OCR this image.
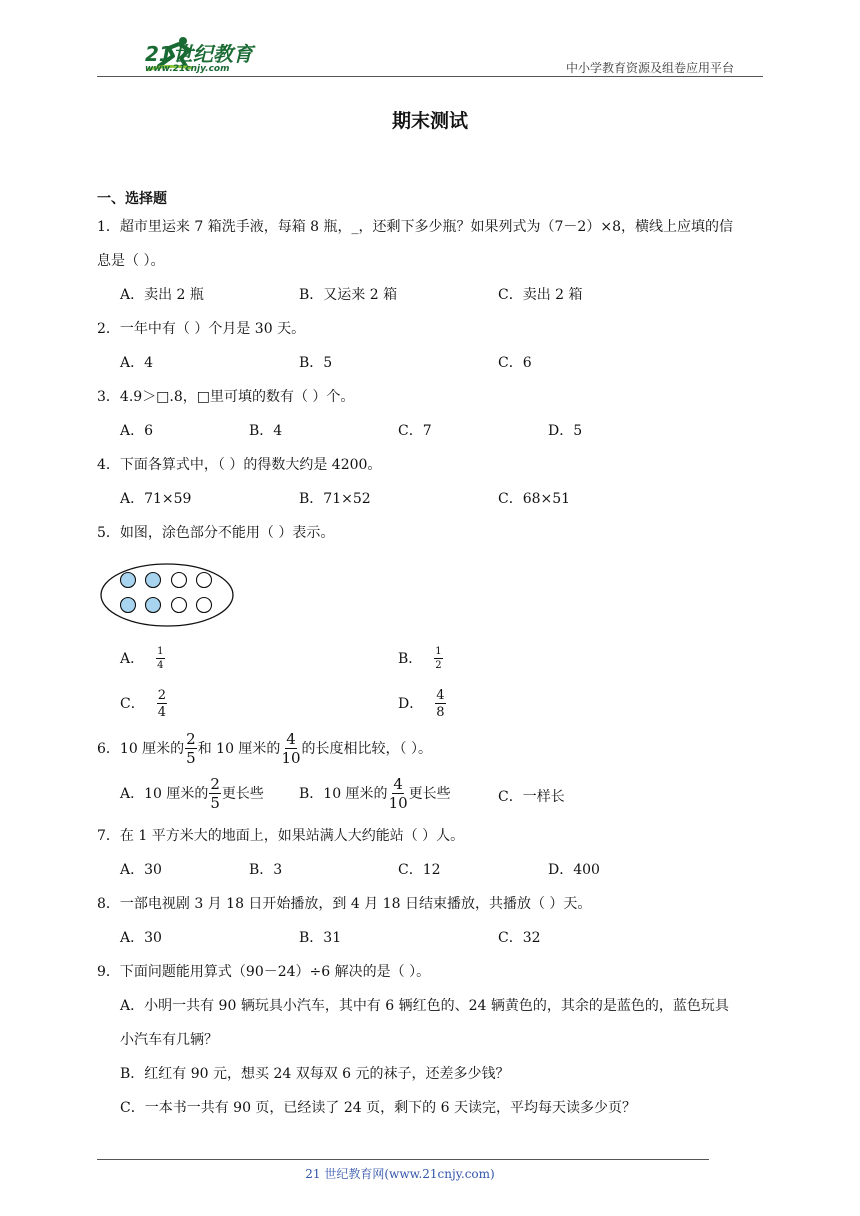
21世纪教育
www.21cnjy.com	中小学教育资源及组卷应用平台
期末测试
一、选择题
1．超市里运来 7 箱洗手液，每箱 8 瓶，_，还剩下多少瓶？如果列式为（7－2）×8，横线上应填的信
息是（ ）。
A．卖出 2 瓶	B．又运来 2 箱	C．卖出 2 箱
2．一年中有（ ）个月是 30 天。
A．4	B．5	C．6
3．4.9＞□.8，□里可填的数有（ ）个。
A．6	B．4	C．7	D．5
4．下面各算式中，（ ）的得数大约是 4200。
A．71×59	B．71×52	C．68×51
5．如图，涂色部分不能用（ ）表示。
A． $\frac{1}{4}$	B． $\frac{1}{2}$
C． $\frac{2}{4}$	D． $\frac{4}{8}$
6．10 厘米的 $\frac{2}{5}$ 和 10 厘米的 $\frac{4}{10}$ 的长度相比较，（ ）。
A．10 厘米的 $\frac{2}{5}$ 更长些	B．10 厘米的 $\frac{4}{10}$ 更长些	C．一样长
7．在 1 平方米大的地面上，如果站满人大约能站（ ）人。
A．30	B．3	C．12	D．400
8．一部电视剧 3 月 18 日开始播放，到 4 月 18 日结束播放，共播放（ ）天。
A．30	B．31	C．32
9．下面问题能用算式（90－24）÷6 解决的是（ ）。
A．小明一共有 90 辆玩具小汽车，其中有 6 辆红色的、24 辆黄色的，其余的是蓝色的，蓝色玩具
小汽车有几辆？
B．红红有 90 元，想买 24 双每双 6 元的袜子，还差多少钱？
C．一本书一共有 90 页，已经读了 24 页，剩下的 6 天读完，平均每天读多少页？
21 世纪教育网(www.21cnjy.com)
